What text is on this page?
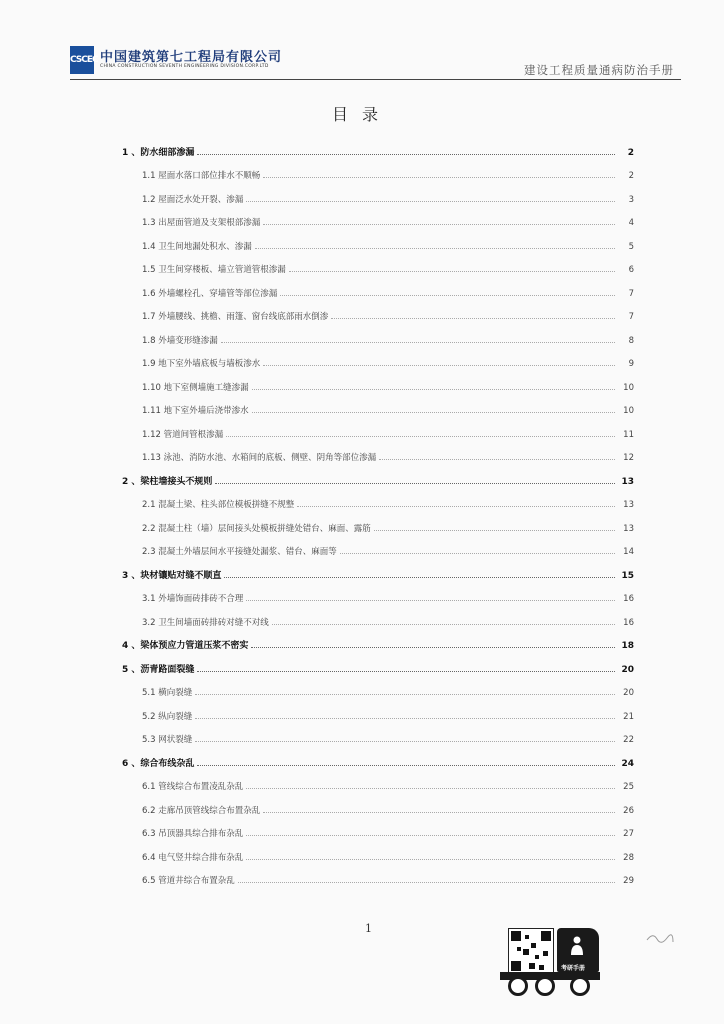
CSCEC 中国建筑第七工程局有限公司
CHINA CONSTRUCTION SEVENTH ENGINEERING DIVISION.CORP.LTD	建设工程质量通病防治手册
目录
1 、防水细部渗漏	2
1.1 屋面水落口部位排水不顺畅	2
1.2 屋面泛水处开裂、渗漏	3
1.3 出屋面管道及支架根部渗漏	4
1.4 卫生间地漏处积水、渗漏	5
1.5 卫生间穿楼板、墙立管道管根渗漏	6
1.6 外墙螺栓孔、穿墙管等部位渗漏	7
1.7 外墙腰线、挑檐、雨篷、窗台线底部雨水倒渗	7
1.8 外墙变形缝渗漏	8
1.9 地下室外墙底板与墙板渗水	9
1.10 地下室侧墙施工缝渗漏	10
1.11 地下室外墙后浇带渗水	10
1.12 管道间管根渗漏	11
1.13 泳池、消防水池、水箱间的底板、侧壁、阴角等部位渗漏	12
2 、梁柱墙接头不规则	13
2.1 混凝土梁、柱头部位模板拼缝不规整	13
2.2 混凝土柱（墙）层间接头处模板拼缝处错台、麻面、露筋	13
2.3 混凝土外墙层间水平接缝处漏浆、错台、麻面等	14
3 、块材镶贴对缝不顺直	15
3.1 外墙饰面砖排砖不合理	16
3.2 卫生间墙面砖排砖对缝不对线	16
4 、梁体预应力管道压浆不密实	18
5 、沥青路面裂缝	20
5.1 横向裂缝	20
5.2 纵向裂缝	21
5.3 网状裂缝	22
6 、综合布线杂乱	24
6.1 管线综合布置凌乱杂乱	25
6.2 走廊吊顶管线综合布置杂乱	26
6.3 吊顶器具综合排布杂乱	27
6.4 电气竖井综合排布杂乱	28
6.5 管道井综合布置杂乱	29
1
考研手册
